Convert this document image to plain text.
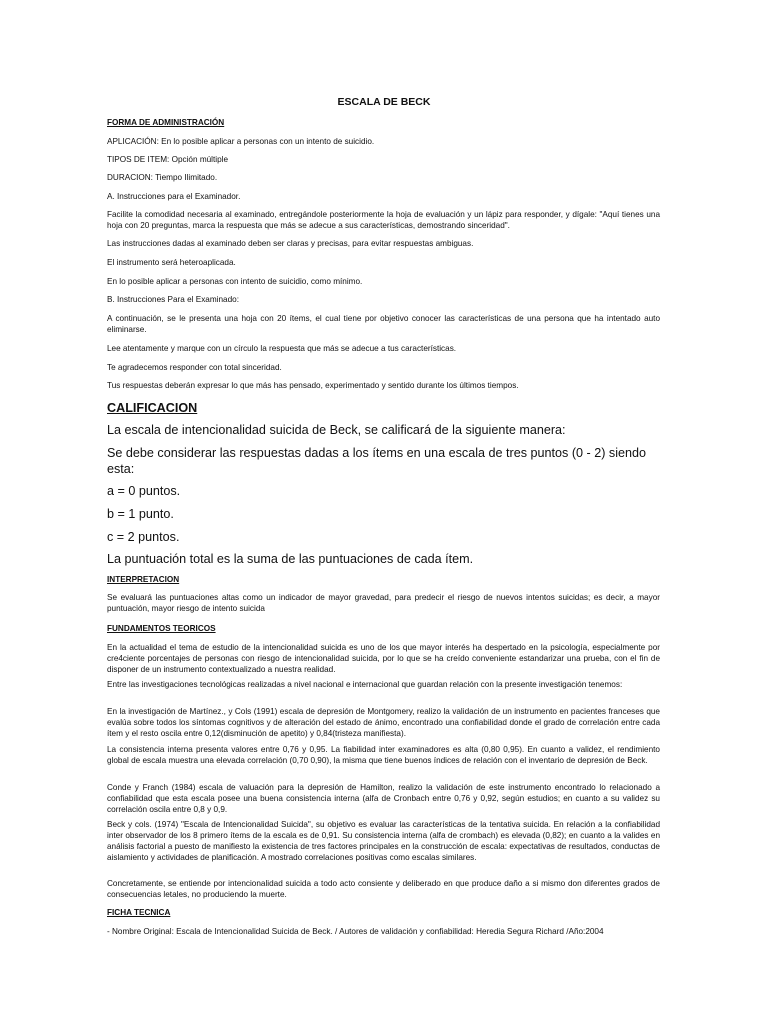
ESCALA DE BECK

FORMA DE ADMINISTRACIÓN

APLICACIÓN: En lo posible aplicar a personas con un intento de suicidio.

TIPOS DE ITEM: Opción múltiple

DURACION: Tiempo Ilimitado.

A. Instrucciones para el Examinador.

Facilite la comodidad necesaria al examinado, entregándole posteriormente la hoja de evaluación y un lápiz para responder, y dígale: "Aquí tienes una hoja con 20 preguntas, marca la respuesta que más se adecue a sus características, demostrando sinceridad".

Las instrucciones dadas al examinado deben ser claras y precisas, para evitar respuestas ambiguas.

El instrumento será heteroaplicada.

En lo posible aplicar a personas con intento de suicidio, como mínimo.

B. Instrucciones Para el Examinado:

A continuación, se le presenta una hoja con 20 ítems, el cual tiene por objetivo conocer las características de una persona que ha intentado auto eliminarse.

Lee atentamente y marque con un círculo la respuesta que más se adecue a tus características.

Te agradecemos responder con total sinceridad.

Tus respuestas deberán expresar lo que más has pensado, experimentado y sentido durante los últimos tiempos.

CALIFICACION

La escala de intencionalidad suicida de Beck, se calificará de la siguiente manera:

Se debe considerar las respuestas dadas a los ítems en una escala de tres puntos (0 - 2) siendo esta:

a = 0 puntos.

b = 1 punto.

c = 2 puntos.

La puntuación total es la suma de las puntuaciones de cada ítem.

INTERPRETACION

Se evaluará las puntuaciones altas como un indicador de mayor gravedad, para predecir el riesgo de nuevos intentos suicidas; es decir, a mayor puntuación, mayor riesgo de intento suicida

FUNDAMENTOS TEORICOS

En la actualidad el tema de estudio de la intencionalidad suicida es uno de los que mayor interés ha despertado en la psicología, especialmente por cre4ciente porcentajes de personas con riesgo de intencionalidad suicida, por lo que se ha creído conveniente estandarizar una prueba, con el fin de disponer de un instrumento contextualizado a nuestra realidad.

Entre las investigaciones tecnológicas realizadas a nivel nacional e internacional que guardan relación con la presente investigación tenemos:

En la investigación de Martínez., y Cols (1991) escala de depresión de Montgomery, realizo la validación de un instrumento en pacientes franceses que evalúa sobre todos los síntomas cognitivos y de alteración del estado de ánimo, encontrado una confiabilidad donde el grado de correlación entre cada ítem y el resto oscila entre 0,12(disminución de apetito) y 0,84(tristeza manifiesta).

La consistencia interna presenta valores entre 0,76 y 0,95. La fiabilidad inter examinadores es alta (0,80 0,95). En cuanto a validez, el rendimiento global de escala muestra una elevada correlación (0,70 0,90), la misma que tiene buenos índices de relación con el inventario de depresión de Beck.

Conde y Franch (1984) escala de valuación para la depresión de Hamilton, realizo la validación de este instrumento encontrado lo relacionado a confiabilidad que esta escala posee una buena consistencia interna (alfa de Cronbach entre 0,76 y 0,92, según estudios; en cuanto a su validez su correlación oscila entre 0,8 y 0,9.

Beck y cols. (1974) "Escala de Intencionalidad Suicida", su objetivo es evaluar las características de la tentativa suicida. En relación a la confiabilidad inter observador de los 8 primero ítems de la escala es de 0,91. Su consistencia interna (alfa de crombach) es elevada (0,82); en cuanto a la valides en análisis factorial a puesto de manifiesto la existencia de tres factores principales en la construcción de escala: expectativas de resultados, conductas de aislamiento y actividades de planificación. A mostrado correlaciones positivas como escalas similares.

Concretamente, se entiende por intencionalidad suicida a todo acto consiente y deliberado en que produce daño a si mismo don diferentes grados de consecuencias letales, no produciendo la muerte.

FICHA TECNICA

- Nombre Original: Escala de Intencionalidad Suicida de Beck. / Autores de validación y confiabilidad: Heredia Segura Richard /Año:2004
